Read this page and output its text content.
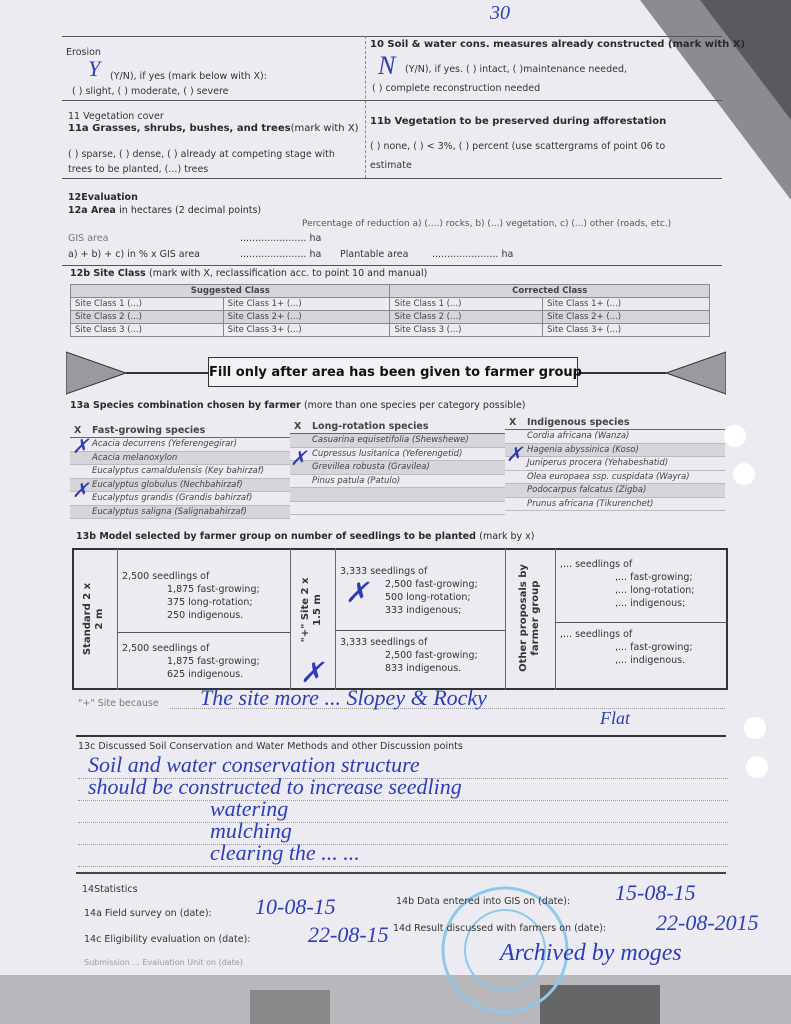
30
Erosion
(Y/N), if yes (mark below with X):
( ) slight, ( ) moderate, ( ) severe
Y
10 Soil & water cons. measures already constructed (mark with X)
(Y/N), if yes. ( ) intact, ( )maintenance needed,
( ) complete reconstruction needed
N
11 Vegetation cover
11a Grasses, shrubs, bushes, and trees(mark with X)
( ) sparse, ( ) dense, ( ) already at competing stage with
trees to be planted, (...) trees
11b Vegetation to be preserved during afforestation
( ) none, ( ) < 3%, ( ) percent (use scattergrams of point 06 to
estimate
12Evaluation
12a Area in hectares (2 decimal points)
Percentage of reduction a) (....) rocks, b) (...) vegetation, c) (...) other (roads, etc.)
GIS area	...................... ha
a) + b) + c) in % x GIS area	...................... ha Plantable area ...................... ha
12b Site Class (mark with X, reclassification acc. to point 10 and manual)
Suggested Class		Corrected Class	
Site Class 1 (...)	Site Class 1+ (...)	Site Class 1 (...)	Site Class 1+ (...)
Site Class 2 (...)	Site Class 2+ (...)	Site Class 2 (...)	Site Class 2+ (...)
Site Class 3 (...)	Site Class 3+ (...)	Site Class 3 (...)	Site Class 3+ (...)
Fill only after area has been given to farmer group
13a Species combination chosen by farmer (more than one species per category possible)
X	Fast-growing species
	Acacia decurrens (Yeferengegirar)
	Acacia melanoxylon
	Eucalyptus camaldulensis (Key bahirzaf)
	Eucalyptus globulus (Nechbahirzaf)
	Eucalyptus grandis (Grandis bahirzaf)
	Eucalyptus saligna (Salignabahirzaf)
X	Long-rotation species
	Casuarina equisetifolia (Shewshewe)
	Cupressus lusitanica (Yeferengetid)
	Grevillea robusta (Gravilea)
	Pinus patula (Patulo)

X	Indigenous species
	Cordia africana (Wanza)
	Hagenia abyssinica (Koso)
	Juniperus procera (Yehabeshatid)
	Olea europaea ssp. cuspidata (Wayra)
	Podocarpus falcatus (Zigba)
	Prunus africana (Tikurenchet)
✗
✗
✗	✗
13b Model selected by farmer group on number of seedlings to be planted (mark by x)
Standard 2 x 2 m	"+" Site 2 x 1.5 m	Other proposals by farmer group
2,500 seedlings of
1,875 fast-growing;
375 long-rotation;
250 indigenous.
2,500 seedlings of
1,875 fast-growing;
625 indigenous.
3,333 seedlings of
2,500 fast-growing;
500 long-rotation;
333 indigenous;
3,333 seedlings of
2,500 fast-growing;
833 indigenous.
,... seedlings of
,... fast-growing;
,... long-rotation;
,... indigenous;
,... seedlings of
,... fast-growing;
,... indigenous.
✗
✗
"+" Site because The site more ... Slopey & Rocky
Flat
13c Discussed Soil Conservation and Water Methods and other Discussion points
Soil and water conservation structure
should be constructed to increase seedling
watering
mulching
clearing the ... ...
14Statistics
14a Field survey on (date): 10-08-15	14b Data entered into GIS on (date): 15-08-15
14c Eligibility evaluation on (date):	22-08-15 14d Result discussed with farmers on (date): 22-08-2015
Submission ... Evaluation Unit on (date)	Archived by moges
